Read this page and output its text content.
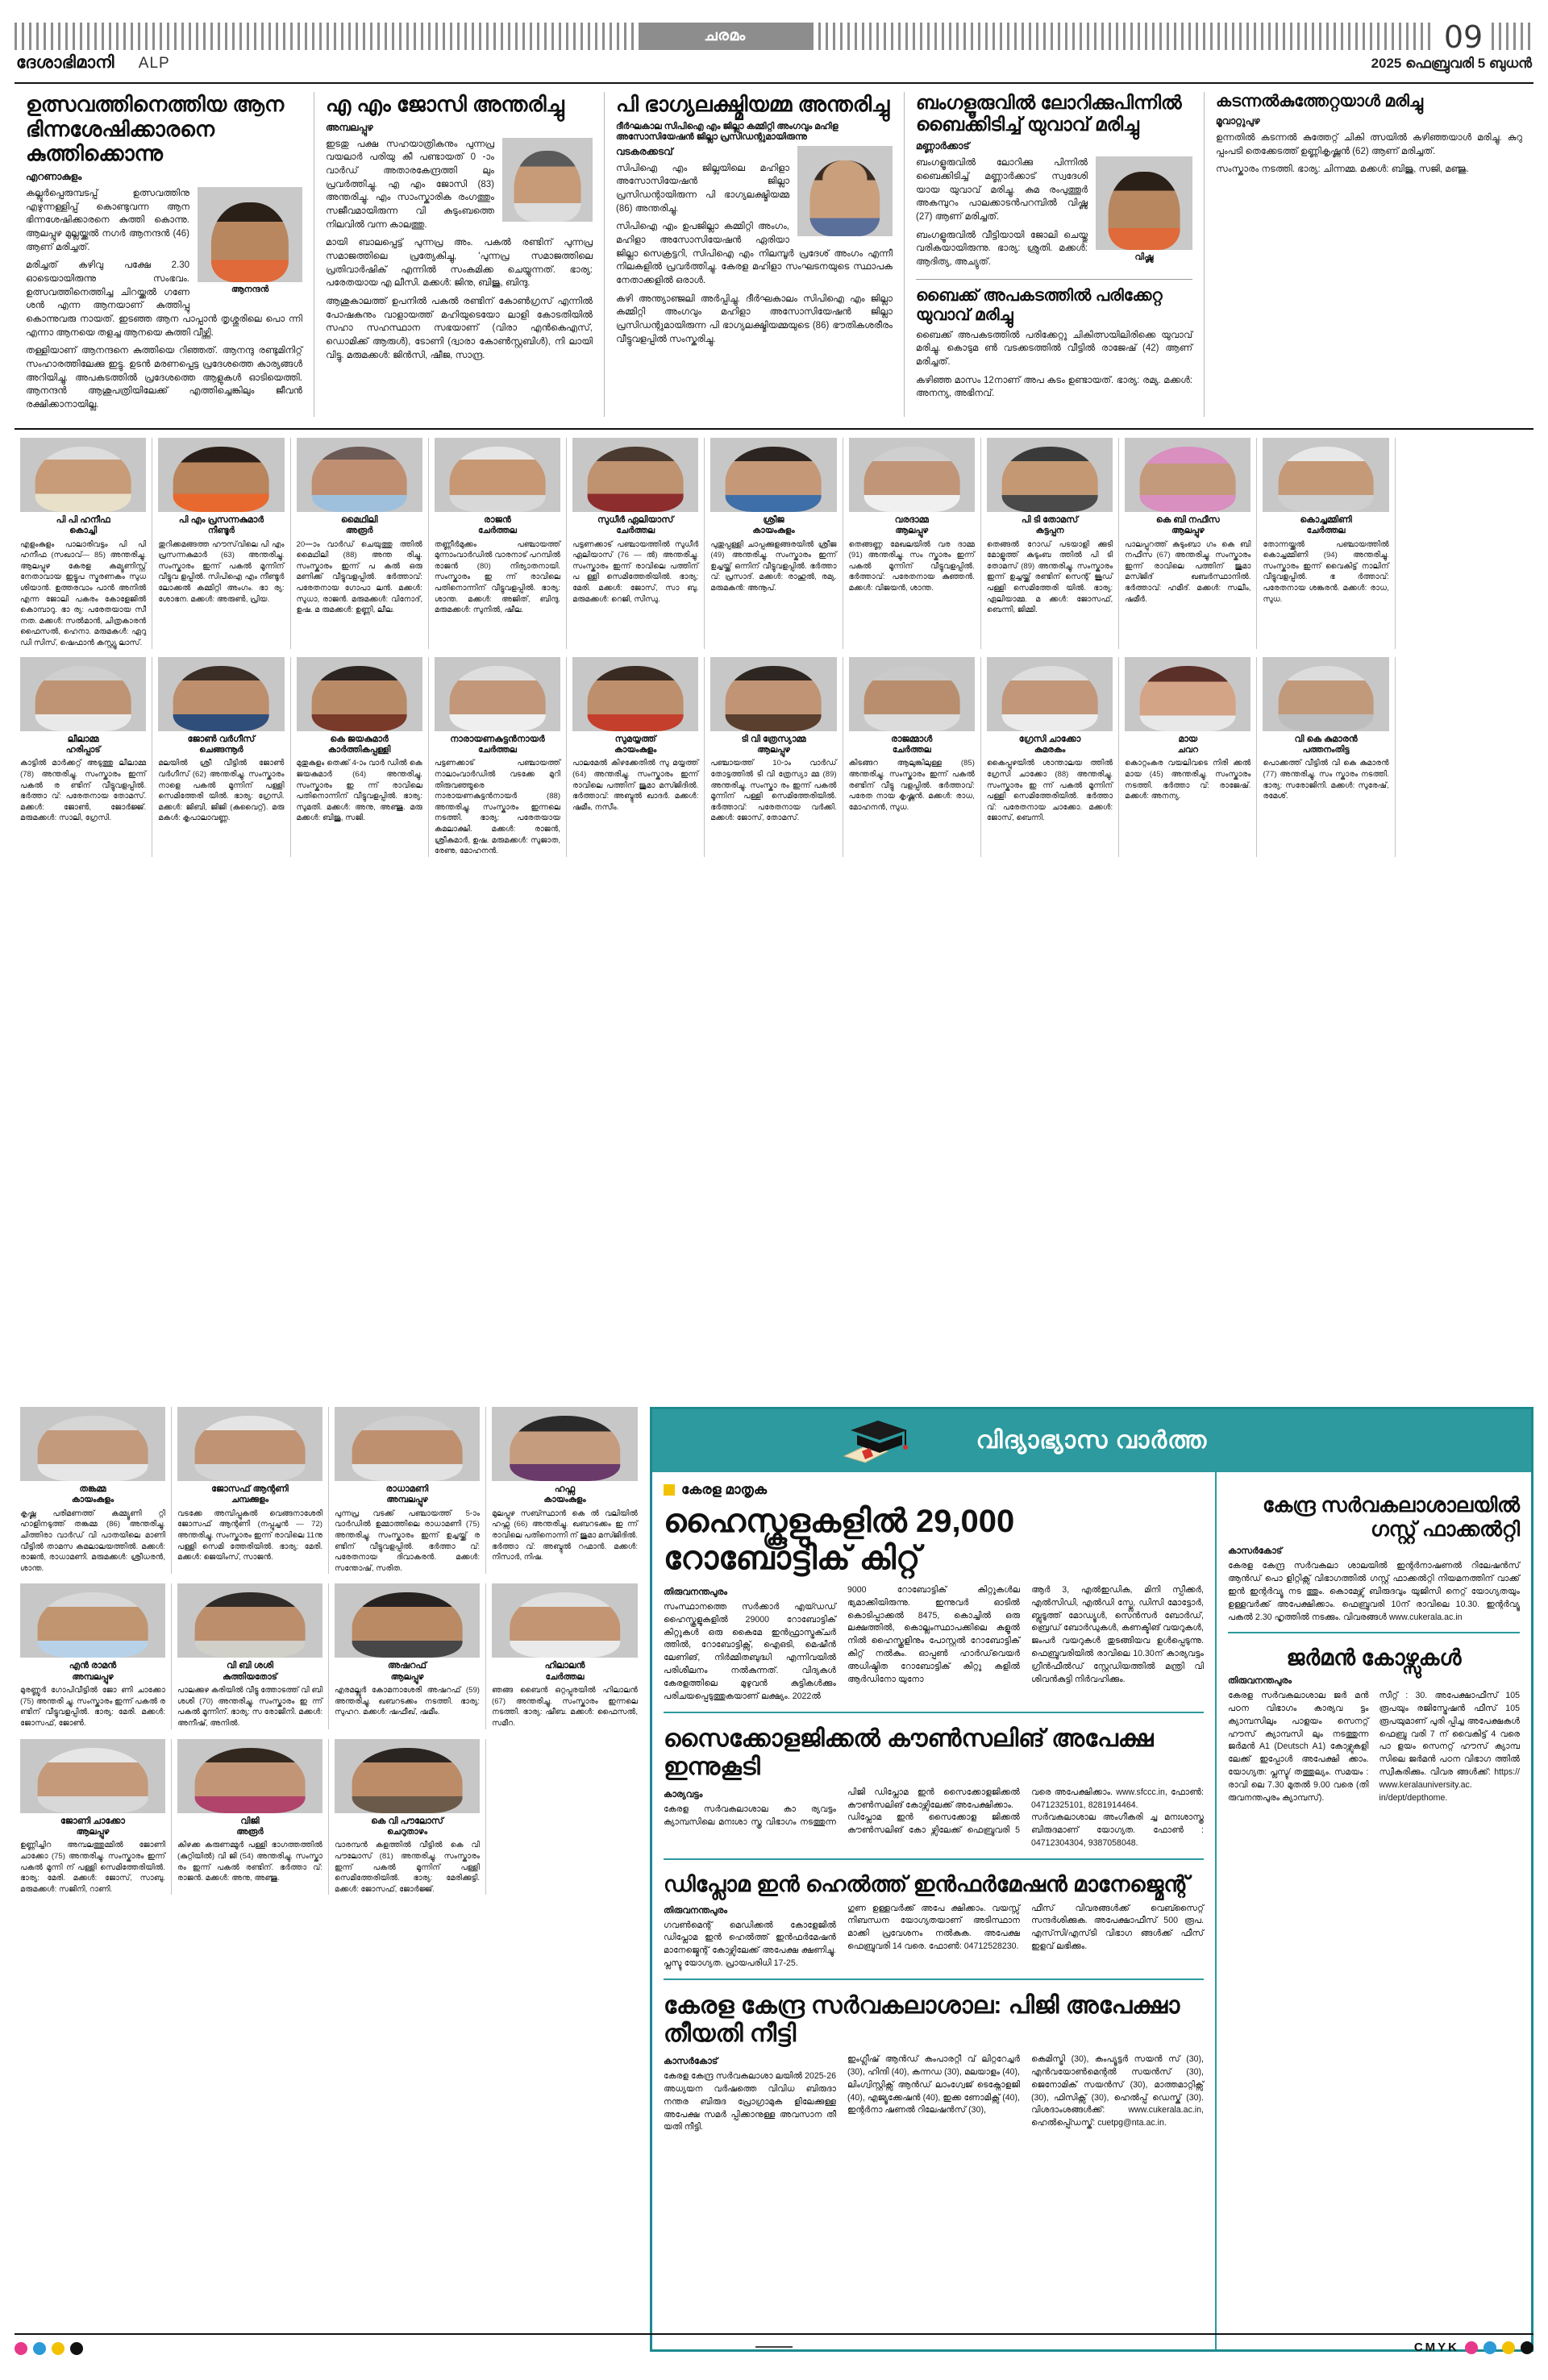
ചരമം	09
ദേശാഭിമാനി ALP	2025 ഫെബ്രുവരി 5 ബുധൻ
ഉത്സവത്തിനെത്തിയ ആന ഭിന്നശേഷിക്കാരനെ കുത്തിക്കൊന്നു
എറണാകുളം
ആനന്ദൻ

കല്ലൂർപ്പെരുമ്പടപ്പ് ഉത്സവത്തിനു എഴുന്നള്ളിപ്പ് കൊണ്ടുവന്ന ആന ഭിന്നശേഷിക്കാരനെ കുത്തി കൊന്നു. ആലപ്പുഴ മുല്ലയ്ക്കൽ നഗർ ആനന്ദൻ (46) ആണ് മരിച്ചത്.

മരിച്ചത് കഴിവു പക്ഷേ 2.30 ഓടെയായിരുന്നു സംഭവം. ഉത്സവത്തിനെത്തിച്ച ചിറയ്ക്കൽ ഗണേ ശൻ എന്ന ആനയാണ് കുത്തിപ്പു കൊന്നുവരു നായത്. ഇടഞ്ഞ ആന പാപ്പാൻ തൃശ്ശൂരിലെ പൊ ന്നി എന്നാ ആനയെ തളച്ച ആനയെ കുത്തി വീഴ്ത്തി.

തള്ളിയാണ് ആനന്ദനെ കുത്തിയെ റിഞ്ഞത്. ആനന്ദു രണ്ടുമിനിറ്റ് സംഹാരത്തിലേക്കു ഇട്ടു. ഉടൻ മരണപ്പെട്ട പ്രദേശത്തെ കാര്യങ്ങൾ അറിയിച്ചു. അപകടത്തിൽ പ്രദേശത്തെ ആളുകൾ ഓടിയെത്തി. ആനന്ദൻ ആശുപത്രിയിലേക്ക് എത്തിച്ചെങ്കിലും ജീവൻ രക്ഷിക്കാനായില്ല.

എ എം ജോസി അന്തരിച്ചു
അമ്പലപ്പുഴ

ഇടതു പക്ഷ സഹയാത്രികനും പുന്നപ്ര വയലാർ പരിയു കീ പണ്ടായത് 0 -ാം വാർഡ് അതാരകേന്ദ്രത്തി ലും പ്രവർത്തിച്ചു. എ എം ജോസി (83) അന്തരിച്ചു. എം സാംസ്കാരിക രംഗത്തും സജീവമായിരുന്ന വി കുടുംബത്തെ നിലവിൽ വന്ന കാലത്തു.

മായി ബാലപ്പെട്ട് പുന്നപ്ര അം. പകൽ രണ്ടിന് പുന്നപ്ര സമാജത്തിലെ പ്രത്യേകിച്ചു, 'പുന്നപ്ര സമാജത്തിലെ പ്രതിവാർഷിക് എന്നിൽ സംകമിക്ക ചെയ്യുന്നത്. ഭാര്യ: പരേതയായ എ ലീസി. മക്കൾ: ജിനു, ബിജു, ബിന്ദു.

ആശുകാലത്ത് ഉപനിൽ പകൽ രണ്ടിന് കോൺഗ്രസ് എന്നിൽ പോഷകനും വാളായത്ത് മഹിയുടെയോ ലാളി കോടതിയിൽ സഹാ സഹസ്ഥാന സഭയാണ് (വിരാ എൻകെഎസ്, ഡൊമിക്ക് ആരുൾ), ടോണി (ദ്വാരാ കോൺസ്റ്റബിൾ), നി ലായി വിട്ടു. മരുമക്കൾ: ജിൻസി, ഷീജ, സാന്ദ്ര.

പി ഭാഗ്യലക്ഷ്മിയമ്മ അന്തരിച്ചു
ദീർഘകാല സിപിഐ എം ജില്ലാ കമ്മിറ്റി അംഗവും മഹിള അസോസിയേഷൻ ജില്ലാ പ്രസിഡന്റുമായിരുന്നു
വടകരക്കടവ്

സിപിഐ എം ജില്ലയിലെ മഹിളാ അസോസിയേഷൻ ജില്ലാ പ്രസിഡന്റായിരുന്ന പി ഭാഗ്യലക്ഷ്മിയമ്മ (86) അന്തരിച്ചു.

സിപിഐ എം ഉപജില്ലാ കമ്മിറ്റി അംഗം, മഹിളാ അസോസിയേഷൻ ഏരിയാ ജില്ലാ സെക്രട്ടറി, സിപിഐ എം നിലമ്പൂർ പ്രദേശ് അംഗം എന്നീ നിലകളിൽ പ്രവർത്തിച്ചു. കേരള മഹിളാ സംഘടനയുടെ സ്ഥാപക നേതാക്കളിൽ ഒരാൾ.

കഴി അന്ത്യാഞ്ജലി അർപ്പിച്ചു. ദീർഘകാലം സിപിഐ എം ജില്ലാ കമ്മിറ്റി അംഗവും മഹിളാ അസോസിയേഷൻ ജില്ലാ പ്രസിഡന്റുമായിരുന്ന പി ഭാഗ്യലക്ഷ്മിയമ്മയുടെ (86) ഭൗതികശരീരം വീട്ടുവളപ്പിൽ സംസ്കരിച്ചു.

ബംഗളൂരുവിൽ ലോറിക്കുപിന്നിൽ ബൈക്കിടിച്ച് യുവാവ് മരിച്ചു
മണ്ണാർക്കാട്
വിഷ്ണു

ബംഗളൂരുവിൽ ലോറിക്കു പിന്നിൽ ബൈക്കിടിച്ച് മണ്ണാർക്കാട് സ്വദേശി യായ യുവാവ് മരിച്ചു. കുമ രംപുത്തൂർ അകമ്പുറം പാലക്കാടൻപറമ്പിൽ വിഷ്ണു (27) ആണ് മരിച്ചത്.

ബംഗളൂരുവിൽ വീട്ടിയായി ജോലി ചെയ്തു വരികയായിരുന്നു. ഭാര്യ: ശ്രുതി. മക്കൾ: ആദിത്യ, അച്യുത്.

ബൈക്ക് അപകടത്തിൽ പരിക്കേറ്റ യുവാവ് മരിച്ചു

ബൈക്ക് അപകടത്തിൽ പരിക്കേറ്റു ചികിത്സയിലിരിക്കെ യുവാവ് മരിച്ചു. കൊടുമ ൺ വടക്കടത്തിൽ വീട്ടിൽ രാജേഷ് (42) ആണ് മരിച്ചത്.

കഴിഞ്ഞ മാസം 12നാണ് അപ കടം ഉണ്ടായത്. ഭാര്യ: രമ്യ. മക്കൾ: അനന്യ, അഭിനവ്.

കടന്നൽകുത്തേറ്റയാൾ മരിച്ചു
മൂവാറ്റുപുഴ

ഉന്നതിൽ കടന്നൽ കുത്തേറ്റ് ചികി ത്സയിൽ കഴിഞ്ഞയാൾ മരിച്ചു. കുറു പ്പംപടി തെക്കേടത്ത് ഉണ്ണികൃഷ്ണൻ (62) ആണ് മരിച്ചത്.

സംസ്കാരം നടത്തി. ഭാര്യ: ചിന്നമ്മ. മക്കൾ: ബിജു, സജി, മഞ്ജു.

പി പി ഹനീഫ
കൊച്ചി
എളംകുളം പാലാരിവട്ടം പി പി ഹനീഫ (സഖാവ്— 85) അന്തരിച്ചു. ആലപ്പുഴ കേരള കമ്യൂണിസ്റ്റ് നേതാവായ ഇട്ടൂപ സ്മരണകം സുധ ശിയാൻ. ഉത്തരവാം പാൻ അനിൽ എന്ന ജോലി പകരം കോളേജിൽ കൊമ്പാറു. ഭാ ര്യ: പരേതയായ സീ നത. മക്കൾ: സൽമാൻ, ചിത്രകാരൻ ഫൈസൽ, ഹെനാ. മരുമകൾ: ഏറു ഡി സിസ്, ഷെഫാൻ കസ്റ്റ്യൂ ലാസ്.
പി എം പ്രസന്നകുമാർ
നീണ്ടൂർ
തുറിക്കമങ്ങത്ത ഹൗസ്‌വിലെ പി എം പ്രസന്നകുമാർ (63) അന്തരിച്ചു. സംസ്കാരം ഇന്ന് പകൽ മൂന്നിന് വീട്ടുവ ളപ്പിൽ. സിപിഐ എം നീണ്ടൂർ ലോക്കൽ കമ്മിറ്റി അംഗം. ഭാ ര്യ: ശോഭന. മക്കൾ: അരുൺ, പ്രിയ.
മൈഥിലി
അരൂർ
20—ാം വാർഡ് ചെയുത്തു ത്തിൽ മൈഥിലി (88) അന്ത രിച്ചു. സംസ്കാരം ഇന്ന് പ കൽ ഒരു മണിക്ക് വീട്ടുവളപ്പിൽ. ഭർത്താവ്: പരേതനായ ഗോപാ ലൻ. മക്കൾ: സുധാ, രാജൻ. മരുമക്കൾ: വിനോദ്, ഉഷ. മ രുമക്കൾ: ഉണ്ണി, ലീല.
രാജൻ
ചേർത്തല
തണ്ണീർമുക്കം പഞ്ചായത്ത് മുന്നാംവാർഡിൽ വാരനാട് പറമ്പിൽ രാജൻ (80) നിര്യാതനായി. സംസ്കാരം ഇ ന്ന് രാവിലെ പതിനൊന്നിന് വീട്ടുവളപ്പിൽ. ഭാര്യ: ശാന്ത. മക്കൾ: അജിത്, ബിന്ദു. മരുമക്കൾ: സുനിൽ, ഷീല.
സുധീർ ഏലിയാസ്
ചേർത്തല
പട്ടണക്കാട് പഞ്ചായത്തിൽ സുധീർ ഏലിയാസ് (76 — ൽ) അന്തരിച്ചു. സംസ്കാരം ഇന്ന് രാവിലെ പത്തിന് പ ള്ളി സെമിത്തേരിയിൽ. ഭാര്യ: മേരി. മക്കൾ: ജോസ്, സാ ബു. മരുമക്കൾ: റെജി, സിന്ധു.
ശ്രീജ
കായംകുളം
പുതുപ്പള്ളി ചാപ്പക്കുളങ്ങരയിൽ ശ്രീജ (49) അന്തരിച്ചു. സംസ്കാരം ഇന്ന് ഉച്ചയ്ക്ക് ഒന്നിന് വീട്ടുവളപ്പിൽ. ഭർത്താ വ്: പ്രസാദ്. മക്കൾ: രാഹുൽ, രമ്യ. മരുമകൻ: അനൂപ്.
വരദാമ്മ
ആലപ്പുഴ
തെങ്ങണ്ണ മേഖലയിൽ വര ദാമ്മ (91) അന്തരിച്ചു. സം സ്കാരം ഇന്ന് പകൽ മൂന്നിന് വീട്ടുവളപ്പിൽ. ഭർത്താവ്: പരേതനായ കുഞ്ഞൻ. മക്കൾ: വിജയൻ, ശാന്ത.
പി ടി തോമസ്
കട്ടപ്പന
തെങ്ങൽ റോഡ് പടയാളി ക്കുടി മോളൂത്ത് കുടുംബ ത്തിൽ പി ടി തോമസ് (89) അന്തരിച്ചു. സംസ്കാരം ഇന്ന് ഉച്ചയ്ക്ക് രണ്ടിന് സെന്റ് ജൂഡ് പള്ളി സെമിത്തേരി യിൽ. ഭാര്യ: ഏലിയാമ്മ. മ ക്കൾ: ജോസഫ്, ബെന്നി, ജിമ്മി.
കെ ബി നഫീസ
ആലപ്പുഴ
പാലപ്പുറത്ത് കുടുംബാ ഗം കെ ബി നഫീസ (67) അന്തരിച്ചു. സംസ്കാരം ഇന്ന് രാവിലെ പത്തിന് ജുമാ മസ്ജിദ് ഖബർസ്ഥാനിൽ. ഭർത്താവ്: ഹമീദ്. മക്കൾ: സലീം, ഷമീർ.
കൊച്ചമ്മിണി
ചേർത്തല
തോന്നയ്ക്കൽ പഞ്ചായത്തിൽ കൊച്ചമ്മിണി (94) അന്തരിച്ചു. സംസ്കാരം ഇന്ന് വൈകിട്ട് നാലിന് വീട്ടുവളപ്പിൽ. ഭ ർത്താവ്: പരേതനായ ശങ്കരൻ. മക്കൾ: രാധ, സുധ.
ലീലാമ്മ
ഹരിപ്പാട്
കാട്ടിൽ മാർക്കറ്റ് അടുത്തു ലീലാമ്മ (78) അന്തരിച്ചു. സംസ്കാരം ഇന്ന് പകൽ ര ണ്ടിന് വീട്ടുവളപ്പിൽ. ഭർത്താ വ്: പരേതനായ തോമസ്. മക്കൾ: ജോൺ, ജോർജ്ജ്. മരുമക്കൾ: സാലി, ഗ്രേസി.
ജോൺ വർഗീസ്
ചെങ്ങന്നൂർ
മലയിൽ ശ്രീ വീട്ടിൽ ജോൺ വർഗീസ് (62) അന്തരിച്ചു. സംസ്കാരം നാളെ പകൽ മൂന്നിന് പള്ളി സെമിത്തേരി യിൽ. ഭാര്യ: ഗ്രേസി. മക്കൾ: ജിബി, ജിജി (കുവൈറ്റ്). മരു മകൾ: കൃപാലാവണ്ണ.
കെ ജയകുമാർ
കാർത്തികപ്പള്ളി
മുതുകുളം തെക്ക് 4-ാം വാർ ഡിൽ കെ ജയകുമാർ (64) അന്തരിച്ചു. സംസ്കാരം ഇ ന്ന് രാവിലെ പതിനൊന്നിന് വീട്ടുവളപ്പിൽ. ഭാര്യ: സുമതി. മക്കൾ: അനു, അഞ്ജു. മരു മക്കൾ: ബിജു, സജി.
നാരായണകുട്ടൻനായർ
ചേർത്തല
പട്ടണക്കാട് പഞ്ചായത്ത് നാലാംവാർഡിൽ വടക്കേ മുറി തിരുവഞ്ഞൂരെ നാരായണകുട്ടൻനായർ (88) അന്തരിച്ചു. സംസ്കാരം ഇന്നലെ നടത്തി. ഭാര്യ: പരേതയായ കമലാക്ഷി. മക്കൾ: രാജൻ, ശ്രീകുമാർ, ഉഷ. മരുമക്കൾ: സുജാത, രേണു, മോഹനൻ.
സുമയ്യത്ത്
കായംകുളം
പാലമേൽ കിഴക്കേതിൽ സു മയ്യത്ത് (64) അന്തരിച്ചു. സംസ്കാരം ഇന്ന് രാവിലെ പത്തിന് ജുമാ മസ്ജിദിൽ. ഭർത്താവ്: അബ്ദുൽ ഖാദർ. മക്കൾ: ഷമീം, നസീം.
ടി വി ത്രേസ്യാമ്മ
ആലപ്പുഴ
പഞ്ചായത്ത് 10-ാം വാർഡ് തോട്ടത്തിൽ ടി വി ത്രേസ്യാ മ്മ (89) അന്തരിച്ചു. സംസ്കാ രം ഇന്ന് പകൽ മൂന്നിന് പള്ളി സെമിത്തേരിയിൽ. ഭർത്താവ്: പരേതനായ വർക്കി. മക്കൾ: ജോസ്, തോമസ്.
രാജമ്മാൾ
ചേർത്തല
കിടങ്ങറ ആലുങ്കിലുള്ള (85) അന്തരിച്ചു. സംസ്കാരം ഇന്ന് പകൽ രണ്ടിന് വീട്ടു വളപ്പിൽ. ഭർത്താവ്: പരേത നായ കൃഷ്ണൻ. മക്കൾ: രാധ, മോഹനൻ, സുധ.
ഗ്രേസി ചാക്കോ
കുമരകം
കൈപ്പുഴയിൽ ശാന്താലയ ത്തിൽ ഗ്രേസി ചാക്കോ (88) അന്തരിച്ചു. സംസ്കാരം ഇ ന്ന് പകൽ മൂന്നിന് പള്ളി സെമിത്തേരിയിൽ. ഭർത്താ വ്: പരേതനായ ചാക്കോ. മക്കൾ: ജോസ്, ബെന്നി.
മായ
ചവറ
കൊറ്റംകര വയലിവടെ നിരി ക്കൽ മായ (45) അന്തരിച്ചു. സംസ്കാരം നടത്തി. ഭർത്താ വ്: രാജേഷ്. മക്കൾ: അനന്യ.
വി കെ കുമാരൻ
പത്തനംതിട്ട
പൊക്കത്ത് വീട്ടിൽ വി കെ കുമാരൻ (77) അന്തരിച്ചു. സം സ്കാരം നടത്തി. ഭാര്യ: സരോജിനി. മക്കൾ: സുരേഷ്, രമേശ്.
തങ്കമ്മ
കായംകുളം
കൃഷ്ണ പരിമണത്ത് കമ്മ്യൂണി റ്റി ഹാളിനടുത്ത് തങ്കമ്മ (86) അന്തരിച്ചു. ചിത്തിരാ വാർഡ് വി പാതയിലെ മാണി വീട്ടിൽ താമസ കമലാലയത്തിൽ. മക്കൾ: രാജൻ, രാധാമണി. മരുമക്കൾ: ശ്രീധരൻ, ശാന്ത.
ജോസഫ് ആന്റണി
ചമ്പക്കുളം
വടക്കേ അമ്പിപ്പുകൽ വെങ്ങനാശേരി ജോസഫ് ആന്റണി (നപ്പൂച്ചൻ — 72) അന്തരിച്ചു. സംസ്കാരം ഇന്ന് രാവിലെ 11നു പള്ളി സെമി ത്തേരിയിൽ. ഭാര്യ: മേരി. മക്കൾ: ജെയിംസ്, സാജൻ.
രാധാമണി
അമ്പലപ്പുഴ
പുന്നപ്ര വടക്ക് പഞ്ചായത്ത് 5-ാം വാർഡിൽ ഉമ്മാത്തിലെ രാധാമണി (75) അന്തരിച്ചു. സംസ്കാരം ഇന്ന് ഉച്ചയ്ക്ക് ര ണ്ടിന് വീട്ടുവളപ്പിൽ. ഭർത്താ വ്: പരേതനായ ദിവാകരൻ. മക്കൾ: സന്തോഷ്, സരിത.
ഹഫ്സ
കായംകുളം
മുലപ്പുഴ സബ്സ്ഥാൻ കെ ൽ വലിയിൽ ഹഫ്സ (66) അന്തരിച്ചു. ഖബറടക്കം ഇ ന്ന് രാവിലെ പതിനൊന്നി ന് ജുമാ മസ്ജിദിൽ. ഭർത്താ വ്: അബ്ദുൽ റഹ്മാൻ. മക്കൾ: നിസാർ, നിഷ.
എൻ രാമൻ
അമ്പലപ്പുഴ
മുരണ്ണൂർ ഗോപിവീട്ടിൽ ജോ ണി ചാക്കോ (75) അന്തരി ച്ചു. സംസ്കാരം ഇന്ന് പകൽ ര ണ്ടിന് വീട്ടുവളപ്പിൽ. ഭാര്യ: മേരി. മക്കൾ: ജോസഫ്, ജോൺ.
വി ബി ശശി
കുത്തിയതോട്
പാലക്കുഴ കരിയിൽ വീട്ടു ത്തോടത്ത് വി ബി ശശി (70) അന്തരിച്ചു. സംസ്കാരം ഇ ന്ന് പകൽ മൂന്നിന്. ഭാര്യ: സ രോജിനി. മക്കൾ: അനീഷ്, അനിൽ.
അഷറഫ്
ആലപ്പുഴ
എരമല്ലൂർ കോമനാശേരി അഷറഫ് (59) അന്തരിച്ചു. ഖബറടക്കം നടത്തി. ഭാര്യ: സുഹറ. മക്കൾ: ഷഫീഖ്, ഷമീം.
ഹിലാലൻ
ചേർത്തല
ഞങ്ങ ബൈൻ ഒറ്റപ്പുരയിൽ ഹിലാലൻ (67) അന്തരിച്ചു. സംസ്കാരം ഇന്നലെ നടത്തി. ഭാര്യ: ഷീബ. മക്കൾ: ഫൈസൽ, സമീറ.
ജോണി ചാക്കോ
ആലപ്പുഴ
ഉണ്ണിച്ചിറ അമ്പലത്തുമ്മിൽ ജോണി ചാക്കോ (75) അന്തരിച്ചു. സംസ്കാരം ഇന്ന് പകൽ മൂന്നി ന് പള്ളി സെമിത്തേരിയിൽ. ഭാര്യ: മേരി. മക്കൾ: ജോസ്, സാബു. മരുമക്കൾ: സജിനി, റാണി.
വിജി
അരൂർ
കിഴക്ക കരുണമ്മൂർ പള്ളി ഭാഗത്തത്തിൽ (കുറ്റിയിൽ) വി ജി (54) അന്തരിച്ചു. സംസ്കാ രം ഇന്ന് പകൽ രണ്ടിന്. ഭർത്താ വ്: രാജൻ. മക്കൾ: അനു, അഞ്ജു.
കെ വി പൗലോസ്
ചെറുതാഴം
വാരമ്പൻ കളത്തിൽ വീട്ടിൽ കെ വി പൗലോസ് (81) അന്തരിച്ചു. സംസ്കാരം ഇന്ന് പകൽ മൂന്നിന് പള്ളി സെമിത്തേരിയിൽ. ഭാര്യ: മേരിക്കുട്ടി. മക്കൾ: ജോസഫ്, ജോർജ്ജ്.
വിദ്യാഭ്യാസ വാർത്ത
കേരള മാതൃക
ഹൈസ്കൂളുകളിൽ 29,000 റോബോട്ടിക് കിറ്റ്
തിരുവനന്തപുരം
സംസ്ഥാനത്തെ സർക്കാർ എയ്ഡഡ് ഹൈസ്കൂളുകളിൽ 29000 റോബോട്ടിക് കിറ്റുകൾ ഒരു കൈമേ ഇൻഫ്രാസ്ട്രക്ചർ ത്തിൽ, റോബോട്ടിക്സ്, ഐഒടി, മെഷീൻ ലേണിങ്, നിർമ്മിതബുദ്ധി എന്നിവയിൽ പരിശീലനം നൽകുന്നത്. വിദ്യകൾ കേരളത്തിലെ മുഴുവൻ കുട്ടികൾക്കും പരിചയപ്പെടുത്തുകയാണ് ലക്ഷ്യം. 2022ൽ
9000 റോബോട്ടിക് കിറ്റുകൾ‌ല ഭ്യമാക്കിയിരുന്നു. ഇന്നുവർ ഓടിൽ കൊടിപ്പാക്കൽ 8475, കൊച്ചിൽ ഒരു ലക്ഷത്തിൽ, കൊല്ലംസ്ഥാപക്കിലെ കുളൂൽ നിൽ ഹൈസ്കൂളിനും പോസ്റ്റൽ റോബോട്ടിക് കിറ്റ് നൽകും. ഓപ്പൺ ഹാർഡ്‌വെയർ അധിഷ്ഠിത റോബോട്ടിക് കിറ്റു കളിൽ ആർഡിനോ യുനോ
ആർ 3, എൽഇഡിക, മിനി സ്പീക്കർ, എൽസിഡി, എൽഡി സ്പ്ലേ, ഡിസി മോട്ടോർ, ബ്ലൂടൂത്ത് മോഡ്യൂൾ, സെൻസർ ബോർഡ്, ബ്രെഡ് ബോർഡുകൾ, കണക്ടിങ് വയറുകൾ, ജംപർ വയറുകൾ തുടങ്ങിയവ ഉൾപ്പെടുന്നു. ഫെബ്രുവരിയിൽ രാവിലെ 10.30ന് കാര്യവട്ടം ഗ്രീൻഫീൽഡ് സ്റ്റേഡിയത്തിൽ മന്ത്രി വി ശിവൻകുട്ടി നിർവഹിക്കും.
സൈക്കോളജിക്കൽ കൗൺസലിങ് അപേക്ഷ ഇന്നുകൂടി
കാര്യവട്ടം
കേരള സർവകലാശാല കാ ര്യവട്ടം ക്യാമ്പസിലെ മനഃശാ സ്ത്ര വിഭാഗം നടത്തുന്ന പിജി ഡിപ്ലോമ ഇൻ സൈക്കോളജിക്കൽ കൗൺസലിങ് കോഴ്സിലേക്ക് അപേക്ഷിക്കാം.
ഡിപ്ലോമ ഇൻ സൈക്കോള ജിക്കൽ കൗൺസലിങ് കോ ഴ്സിലേക്ക് ഫെബ്രുവരി 5 വരെ അപേക്ഷിക്കാം. www.sfccc.in, ഫോൺ: 04712325101, 8281914464.
സർവകലാശാല അംഗീകരി ച്ച മനഃശാസ്ത്ര ബിരുദമാണ് യോഗ്യത. ഫോൺ : 04712304304, 9387058048.
ഡിപ്ലോമ ഇൻ ഹെൽത്ത് ഇൻഫർമേഷൻ മാനേജ്മെന്റ്
തിരുവനന്തപുരം
ഗവൺമെന്റ് മെഡിക്കൽ കോളേജിൽ ഡിപ്ലോമ ഇൻ ഹെൽത്ത് ഇൻഫർമേഷൻ മാനേജ്മെന്റ് കോഴ്സിലേക്ക് അപേക്ഷ ക്ഷണിച്ചു. പ്ലസ്ടു യോഗ്യത. പ്രായപരിധി 17-25.
ഗുണ ഉള്ളവർക്ക് അപേ ക്ഷിക്കാം. വയസ്സ് നിബന്ധന യോഗ്യതയാണ് അടിസ്ഥാന മാക്കി പ്രവേശനം നൽകുക. അപേക്ഷ ഫെബ്രുവരി 14 വരെ. ഫോൺ: 04712528230.
ഫീസ് വിവരങ്ങൾക്ക് വെബ്സൈറ്റ് സന്ദർശിക്കുക. അപേക്ഷാഫീസ് 500 രൂപ. എസ്‌സി/എസ്‌ടി വിഭാഗ ങ്ങൾക്ക് ഫീസ് ഇളവ് ലഭിക്കും.
കേരള കേന്ദ്ര സർവകലാശാല: പിജി അപേക്ഷാ തീയതി നീട്ടി
കാസർകോട്
കേരള കേന്ദ്ര സർവകലാശാ ലയിൽ 2025-26 അധ്യയന വർഷത്തെ വിവിധ ബിരുദാ നന്തര ബിരുദ പ്രോഗ്രാമുക ളിലേക്കുള്ള അപേക്ഷ സമർ പ്പിക്കാനുള്ള അവസാന തീ യതി നീട്ടി.
ഇംഗ്ലീഷ് ആൻഡ് കംപാരറ്റീ വ് ലിറ്ററേച്ചർ (30), ഹിന്ദി (40), കന്നഡ (30), മലയാളം (40), ലിംഗ്വിസ്റ്റിക്സ് ആൻഡ് ലാംഗ്വേജ് ടെക്നോളജി (40), എജ്യൂക്കേഷൻ (40), ഇക്ക ണോമിക്സ് (40), ഇന്റർനാ ഷണൽ റിലേഷൻസ് (30),
കെമിസ്ട്രി (30), കംപ്യൂട്ടർ സയൻ സ് (30), എൻവയോൺമെന്റൽ സയൻസ് (30), ജെനോമിക് സയൻസ് (30), മാത്തമാറ്റിക്സ് (30), ഫിസിക്സ് (30), ഹെൽപ്പ് ഡെസ്ക് (30). വിശദാംശങ്ങൾക്ക്: www.cukerala.ac.in, ഹെൽപ്പ്ഡെസ്ക്: cuetpg@nta.ac.in.
കേന്ദ്ര സർവകലാശാലയിൽ ഗസ്റ്റ് ഫാക്കൽറ്റി
കാസർകോട്
കേരള കേന്ദ്ര സർവകലാ ശാലയിൽ ഇന്റർനാഷണൽ റിലേഷൻസ് ആൻഡ് പൊ ളിറ്റിക്സ് വിഭാഗത്തിൽ ഗസ്റ്റ് ഫാക്കൽറ്റി നിയമനത്തിന് വാക്ക് ഇൻ ഇന്റർവ്യൂ നട ത്തും. കൊമേഴ്സ് ബിരുദവും യുജിസി നെറ്റ് യോഗ്യതയും ഉള്ളവർക്ക് അപേക്ഷിക്കാം. ഫെബ്രുവരി 10ന് രാവിലെ 10.30. ഇന്റർവ്യൂ പകൽ 2.30 ഹൃത്തിൽ നടക്കും. വിവരങ്ങൾ www.cukerala.ac.in
ജർമൻ കോഴ്സുകൾ
തിരുവനന്തപുരം
കേരള സർവകലാശാല ജർ മൻ പഠന വിഭാഗം കാര്യവ ട്ടം ക്യാമ്പസിലും പാളയം സെനറ്റ് ഹൗസ് ക്യാമ്പസി ലും നടത്തുന്ന ജർമൻ A1 (Deutsch A1) കോഴ്സുകളി ലേക്ക് ഇപ്പോൾ അപേക്ഷി ക്കാം. യോഗ്യത: പ്ലസ്ടു/ തത്തുല്യം. സമയം : രാവി ലെ 7.30 മുതൽ 9.00 വരെ (തി രുവനന്തപുരം ക്യാമ്പസ്).
സീറ്റ് : 30. അപേക്ഷാഫീസ് 105 രൂപയും രജിസ്ട്രേഷൻ ഫീസ് 105 രൂപയുമാണ് പുരി പ്പിച്ച അപേക്ഷകൾ ഫെബ്രു വരി 7 ന് വൈകിട്ട് 4 വരെ പാ ളയം സെനറ്റ് ഹൗസ് ക്യാമ്പ സിലെ ജർമൻ പഠന വിഭാഗ ത്തിൽ സ്വീകരിക്കും. വിവര ങ്ങൾക്ക്: https:// www.keralauniversity.ac. in/dept/depthome.
CMYK
